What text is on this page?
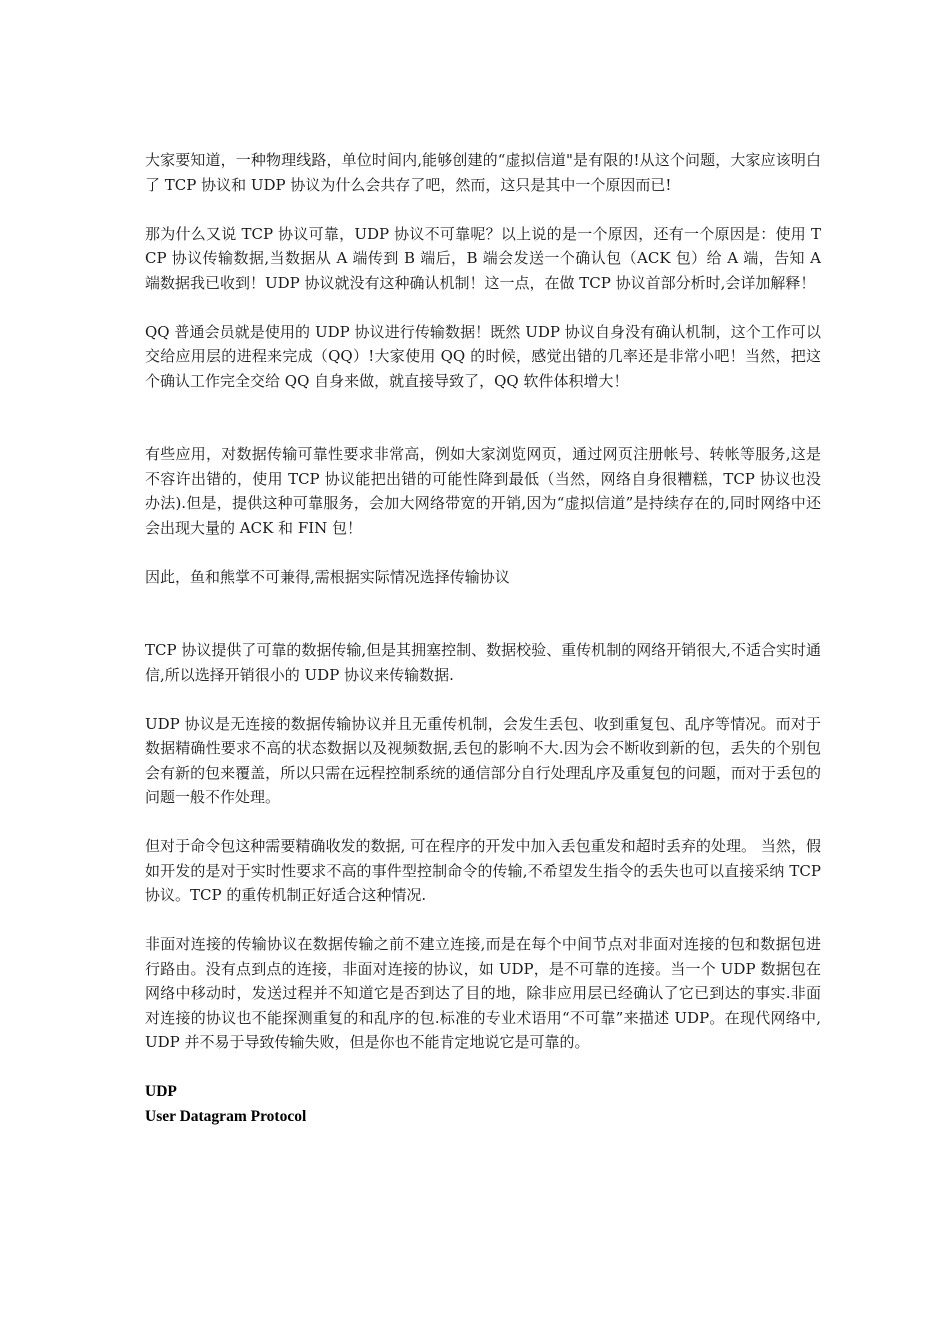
大家要知道，一种物理线路，单位时间内,能够创建的“虚拟信道"是有限的!从这个问题，大家应该明白了 TCP 协议和 UDP 协议为什么会共存了吧，然而，这只是其中一个原因而已!

那为什么又说 TCP 协议可靠，UDP 协议不可靠呢？以上说的是一个原因，还有一个原因是：使用 TCP 协议传输数据,当数据从 A 端传到 B 端后，B 端会发送一个确认包（ACK 包）给 A 端，告知 A 端数据我已收到！UDP 协议就没有这种确认机制！这一点，在做 TCP 协议首部分析时,会详加解释！

QQ 普通会员就是使用的 UDP 协议进行传输数据！既然 UDP 协议自身没有确认机制，这个工作可以交给应用层的进程来完成（QQ）!大家使用 QQ 的时候，感觉出错的几率还是非常小吧！当然，把这个确认工作完全交给 QQ 自身来做，就直接导致了，QQ 软件体积增大！

有些应用，对数据传输可靠性要求非常高，例如大家浏览网页，通过网页注册帐号、转帐等服务,这是不容许出错的，使用 TCP 协议能把出错的可能性降到最低（当然，网络自身很糟糕，TCP 协议也没办法).但是，提供这种可靠服务，会加大网络带宽的开销,因为“虚拟信道”是持续存在的,同时网络中还会出现大量的 ACK 和 FIN 包！

因此，鱼和熊掌不可兼得,需根据实际情况选择传输协议

TCP 协议提供了可靠的数据传输,但是其拥塞控制、数据校验、重传机制的网络开销很大,不适合实时通信,所以选择开销很小的 UDP 协议来传输数据.

UDP 协议是无连接的数据传输协议并且无重传机制，会发生丢包、收到重复包、乱序等情况。而对于数据精确性要求不高的状态数据以及视频数据,丢包的影响不大.因为会不断收到新的包，丢失的个别包会有新的包来覆盖，所以只需在远程控制系统的通信部分自行处理乱序及重复包的问题，而对于丢包的问题一般不作处理。

但对于命令包这种需要精确收发的数据, 可在程序的开发中加入丢包重发和超时丢弃的处理。 当然，假如开发的是对于实时性要求不高的事件型控制命令的传输,不希望发生指令的丢失也可以直接采纳 TCP 协议。TCP 的重传机制正好适合这种情况.

非面对连接的传输协议在数据传输之前不建立连接,而是在每个中间节点对非面对连接的包和数据包进行路由。没有点到点的连接，非面对连接的协议，如 UDP，是不可靠的连接。当一个 UDP 数据包在网络中移动时，发送过程并不知道它是否到达了目的地，除非应用层已经确认了它已到达的事实.非面对连接的协议也不能探测重复的和乱序的包.标准的专业术语用“不可靠”来描述 UDP。在现代网络中,UDP 并不易于导致传输失败，但是你也不能肯定地说它是可靠的。

UDP

User Datagram Protocol
